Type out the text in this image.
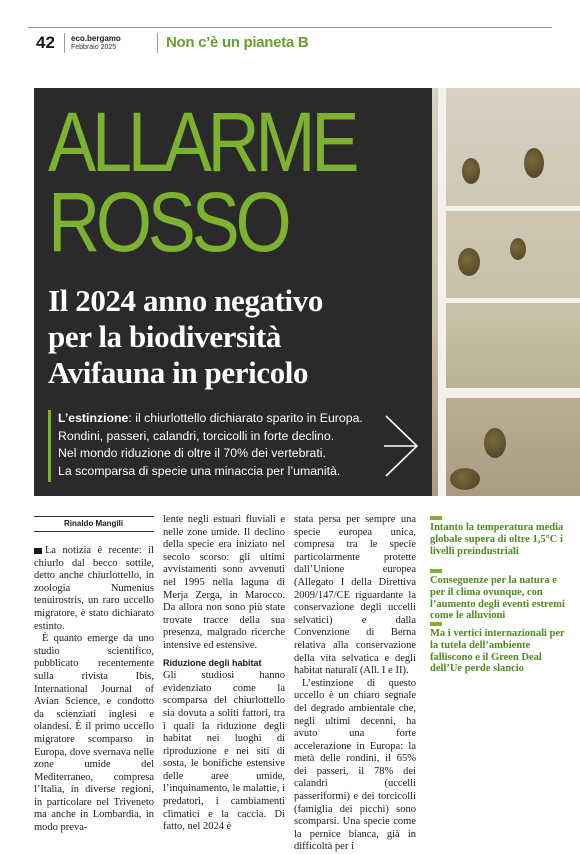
42 eco.bergamo
Febbraio 2025	Non c’è un pianeta B
ALLARME
ROSSO
Il 2024 anno negativo
per la biodiversità
Avifauna in pericolo
L’estinzione: il chiurlottello dichiarato sparito in Europa.
Rondini, passeri, calandri, torcicolli in forte declino.
Nel mondo riduzione di oltre il 70% dei vertebrati.
La scomparsa di specie una minaccia per l’umanità.
Rinaldo Mangili

La notizia è recente: il chiurlo dal becco sottile, detto anche chiurlottello, in zoologia Numenius tenuirostris, un raro uccello migratore, è stato dichiarato estinto.

È quanto emerge da uno studio scientifico, pubblicato recentemente sulla rivista Ibis, International Journal of Avian Science, e condotto da scienziati inglesi e olandesi. È il primo uccello migratore scomparso in Europa, dove svernava nelle zone umide del Mediterraneo, compresa l’Italia, in diverse regioni, in particolare nel Triveneto ma anche in Lombardia, in modo preva-

lente negli estuari fluviali e nelle zone umide. Il declino della specie era iniziato nel secolo scorso: gli ultimi avvistamenti sono avvenuti nel 1995 nella laguna di Merja Zerga, in Marocco. Da allora non sono più state trovate tracce della sua presenza, malgrado ricerche intensive ed estensive.

Riduzione degli habitat

Gli studiosi hanno evidenziato come la scomparsa del chiurlottello sia dovuta a soliti fattori, tra i quali la riduzione degli habitat nei luoghi di riproduzione e nei siti di sosta, le bonifiche estensive delle aree umide, l’inquinamento, le malattie, i predatori, i cambiamenti climatici e la caccia. Di fatto, nel 2024 è

stata persa per sempre una specie europea unica, compresa tra le specie particolarmente protette dall’Unione europea (Allegato I della Direttiva 2009/147/CE riguardante la conservazione degli uccelli selvatici) e dalla Convenzione di Berna relativa alla conservazione della vita selvatica e degli habitat naturali (All. I e II).

L’estinzione di questo uccello è un chiaro segnale del degrado ambientale che, negli ultimi decenni, ha avuto una forte accelerazione in Europa: la metà delle rondini, il 65% dei passeri, il 78% dei calandri (uccelli passeriformi) e dei torcicolli (famiglia dei picchi) sono scomparsi. Una specie come la pernice bianca, già in difficoltà per i

Intanto la temperatura media globale supera di oltre 1,5°C i livelli preindustriali
Conseguenze per la natura e per il clima ovunque, con l’aumento degli eventi estremi come le alluvioni
Ma i vertici internazionali per la tutela dell’ambiente falliscono e il Green Deal dell’Ue perde slancio
